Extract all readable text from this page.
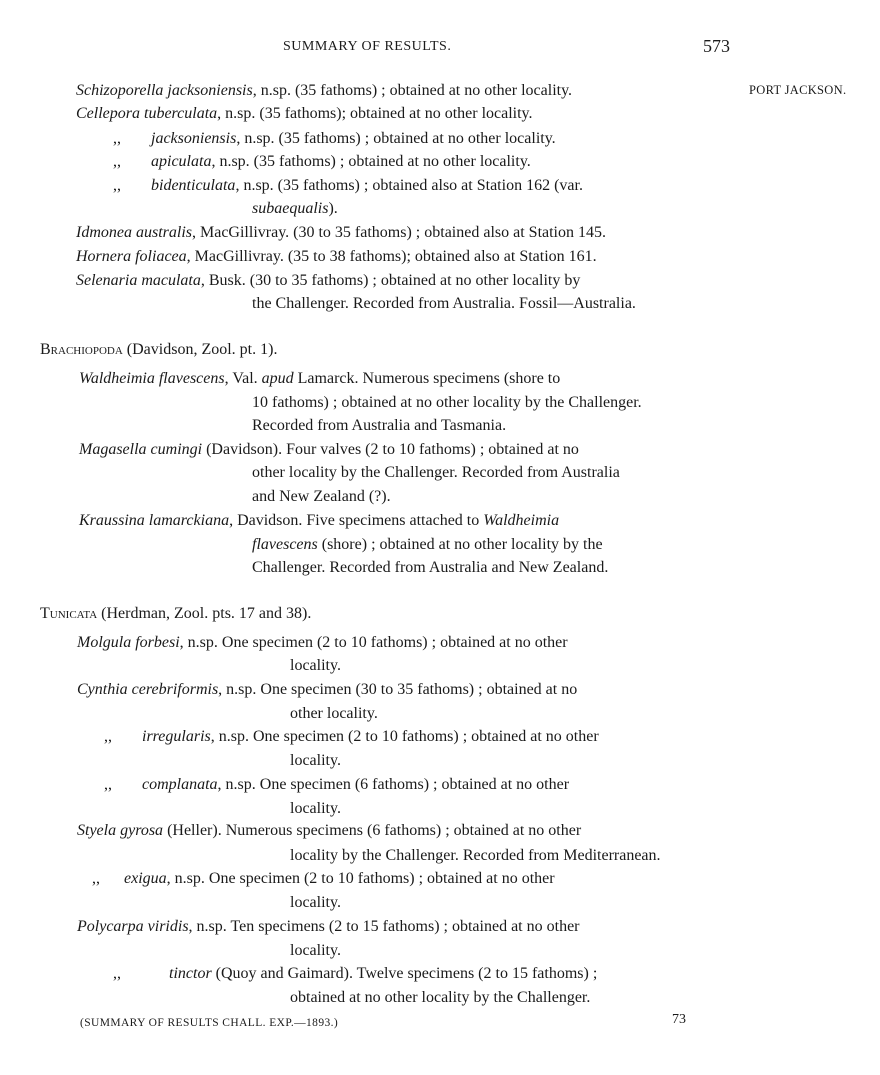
SUMMARY OF RESULTS.	573
PORT JACKSON.
Schizoporella jacksoniensis, n.sp. (35 fathoms) ; obtained at no other locality.
Cellepora tuberculata, n.sp. (35 fathoms); obtained at no other locality.
,, jacksoniensis, n.sp. (35 fathoms) ; obtained at no other locality.
,, apiculata, n.sp. (35 fathoms) ; obtained at no other locality.
,, bidenticulata, n.sp. (35 fathoms) ; obtained also at Station 162 (var.
subaequalis).
Idmonea australis, MacGillivray. (30 to 35 fathoms) ; obtained also at Station 145.
Hornera foliacea, MacGillivray. (35 to 38 fathoms); obtained also at Station 161.
Selenaria maculata, Busk. (30 to 35 fathoms) ; obtained at no other locality by
the Challenger. Recorded from Australia. Fossil—Australia.
Brachiopoda (Davidson, Zool. pt. 1).
Waldheimia flavescens, Val. apud Lamarck. Numerous specimens (shore to
10 fathoms) ; obtained at no other locality by the Challenger.
Recorded from Australia and Tasmania.
Magasella cumingi (Davidson). Four valves (2 to 10 fathoms) ; obtained at no
other locality by the Challenger. Recorded from Australia
and New Zealand (?).
Kraussina lamarckiana, Davidson. Five specimens attached to Waldheimia
flavescens (shore) ; obtained at no other locality by the
Challenger. Recorded from Australia and New Zealand.
Tunicata (Herdman, Zool. pts. 17 and 38).
Molgula forbesi, n.sp. One specimen (2 to 10 fathoms) ; obtained at no other
locality.
Cynthia cerebriformis, n.sp. One specimen (30 to 35 fathoms) ; obtained at no
other locality.
,, irregularis, n.sp. One specimen (2 to 10 fathoms) ; obtained at no other
locality.
,, complanata, n.sp. One specimen (6 fathoms) ; obtained at no other
locality.
Styela gyrosa (Heller). Numerous specimens (6 fathoms) ; obtained at no other
locality by the Challenger. Recorded from Mediterranean.
,, exigua, n.sp. One specimen (2 to 10 fathoms) ; obtained at no other
locality.
Polycarpa viridis, n.sp. Ten specimens (2 to 15 fathoms) ; obtained at no other
locality.
,,	tinctor (Quoy and Gaimard). Twelve specimens (2 to 15 fathoms) ;
obtained at no other locality by the Challenger.
(SUMMARY OF RESULTS CHALL. EXP.—1893.)	73
